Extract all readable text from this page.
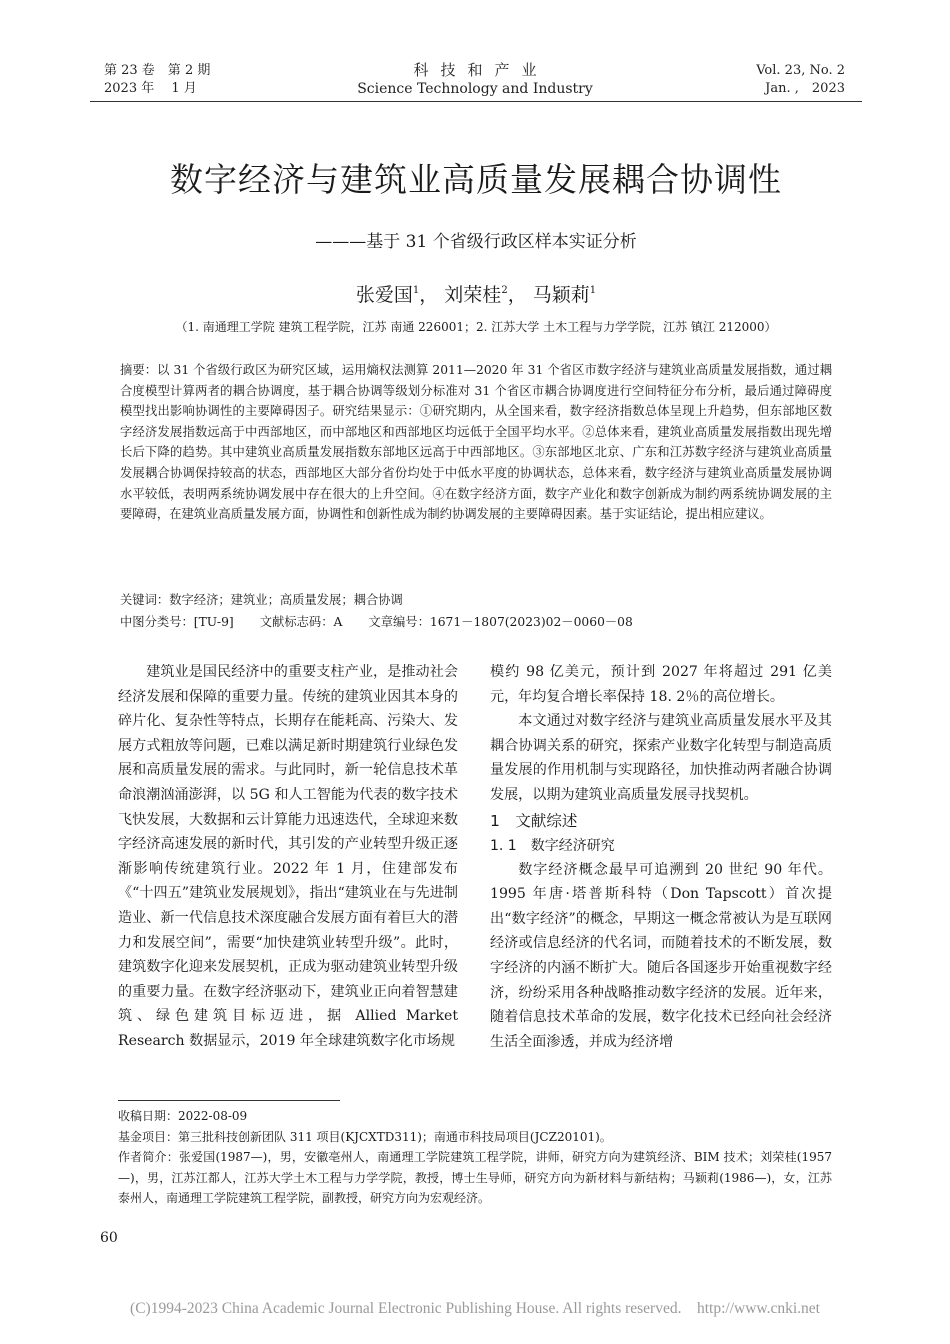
第 23 卷　第 2 期
2023 年　 1 月
科技和产业
Science Technology and Industry
Vol. 23, No. 2
Jan. ,　2023
数字经济与建筑业高质量发展耦合协调性
———基于 31 个省级行政区样本实证分析
张爱国$^1$， 刘荣桂$^2$， 马颖莉$^1$
（1. 南通理工学院 建筑工程学院，江苏 南通 226001；2. 江苏大学 土木工程与力学学院，江苏 镇江 212000）
摘要：以 31 个省级行政区为研究区域，运用熵权法测算 2011—2020 年 31 个省区市数字经济与建筑业高质量发展指数，通过耦合度模型计算两者的耦合协调度，基于耦合协调等级划分标准对 31 个省区市耦合协调度进行空间特征分布分析，最后通过障碍度模型找出影响协调性的主要障碍因子。研究结果显示：①研究期内，从全国来看，数字经济指数总体呈现上升趋势，但东部地区数字经济发展指数远高于中西部地区，而中部地区和西部地区均远低于全国平均水平。②总体来看，建筑业高质量发展指数出现先增长后下降的趋势。其中建筑业高质量发展指数东部地区远高于中西部地区。③东部地区北京、广东和江苏数字经济与建筑业高质量发展耦合协调保持较高的状态，西部地区大部分省份均处于中低水平度的协调状态，总体来看，数字经济与建筑业高质量发展协调水平较低，表明两系统协调发展中存在很大的上升空间。④在数字经济方面，数字产业化和数字创新成为制约两系统协调发展的主要障碍，在建筑业高质量发展方面，协调性和创新性成为制约协调发展的主要障碍因素。基于实证结论，提出相应建议。
关键词：数字经济；建筑业；高质量发展；耦合协调
中图分类号：[TU-9] 文献标志码：A 文章编号：1671－1807(2023)02－0060－08

建筑业是国民经济中的重要支柱产业，是推动社会经济发展和保障的重要力量。传统的建筑业因其本身的碎片化、复杂性等特点，长期存在能耗高、污染大、发展方式粗放等问题，已难以满足新时期建筑行业绿色发展和高质量发展的需求。与此同时，新一轮信息技术革命浪潮汹涌澎湃，以 5G 和人工智能为代表的数字技术飞快发展，大数据和云计算能力迅速迭代，全球迎来数字经济高速发展的新时代，其引发的产业转型升级正逐渐影响传统建筑行业。2022 年 1 月，住建部发布《“十四五”建筑业发展规划》，指出“建筑业在与先进制造业、新一代信息技术深度融合发展方面有着巨大的潜力和发展空间”，需要“加快建筑业转型升级”。此时，建筑数字化迎来发展契机，正成为驱动建筑业转型升级的重要力量。在数字经济驱动下，建筑业正向着智慧建筑、绿色建筑目标迈进，据 Allied Market Research 数据显示，2019 年全球建筑数字化市场规

模约 98 亿美元，预计到 2027 年将超过 291 亿美元，年均复合增长率保持 18. 2％的高位增长。

本文通过对数字经济与建筑业高质量发展水平及其耦合协调关系的研究，探索产业数字化转型与制造高质量发展的作用机制与实现路径，加快推动两者融合协调发展，以期为建筑业高质量发展寻找契机。

1　文献综述
1. 1　数字经济研究

数字经济概念最早可追溯到 20 世纪 90 年代。1995 年唐·塔普斯科特（Don Tapscott）首次提出“数字经济”的概念，早期这一概念常被认为是互联网经济或信息经济的代名词，而随着技术的不断发展，数字经济的内涵不断扩大。随后各国逐步开始重视数字经济，纷纷采用各种战略推动数字经济的发展。近年来，随着信息技术革命的发展，数字化技术已经向社会经济生活全面渗透，并成为经济增

收稿日期：2022-08-09
基金项目：第三批科技创新团队 311 项目(KJCXTD311)；南通市科技局项目(JCZ20101)。
作者简介：张爱国(1987—)，男，安徽亳州人，南通理工学院建筑工程学院，讲师，研究方向为建筑经济、BIM 技术；刘荣桂(1957—)，男，江苏江都人，江苏大学土木工程与力学学院，教授，博士生导师，研究方向为新材料与新结构；马颖莉(1986—)，女，江苏泰州人，南通理工学院建筑工程学院，副教授，研究方向为宏观经济。
60
(C)1994-2023 China Academic Journal Electronic Publishing House. All rights reserved.　http://www.cnki.net
